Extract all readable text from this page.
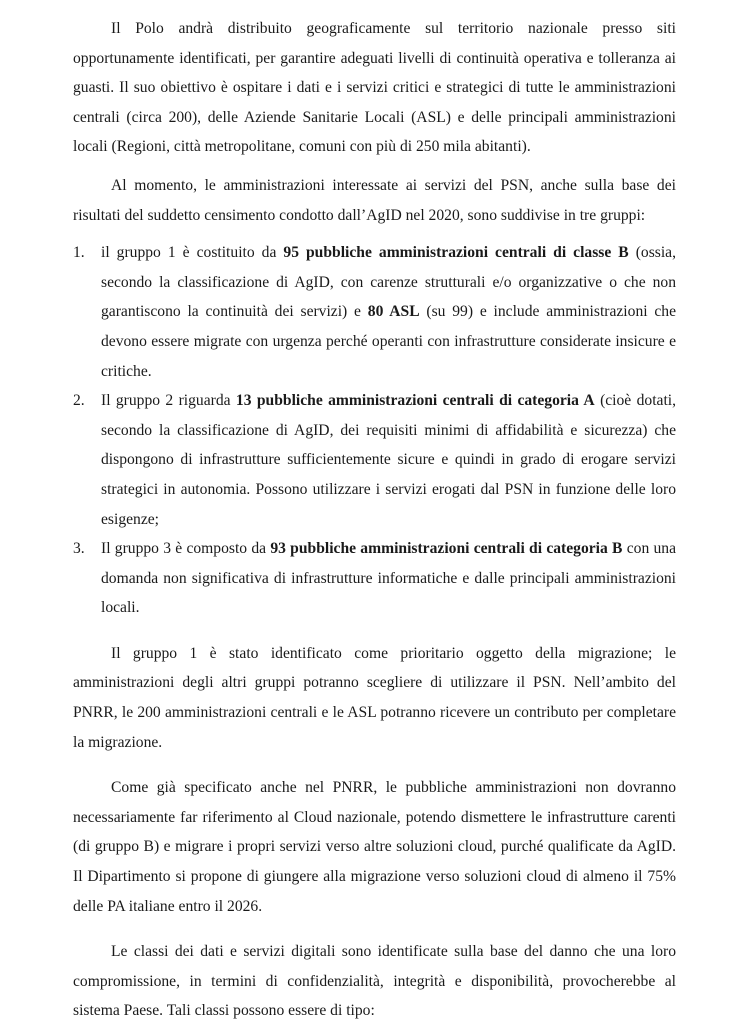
Il Polo andrà distribuito geograficamente sul territorio nazionale presso siti opportunamente identificati, per garantire adeguati livelli di continuità operativa e tolleranza ai guasti. Il suo obiettivo è ospitare i dati e i servizi critici e strategici di tutte le amministrazioni centrali (circa 200), delle Aziende Sanitarie Locali (ASL) e delle principali amministrazioni locali (Regioni, città metropolitane, comuni con più di 250 mila abitanti).

Al momento, le amministrazioni interessate ai servizi del PSN, anche sulla base dei risultati del suddetto censimento condotto dall’AgID nel 2020, sono suddivise in tre gruppi:

1. il gruppo 1 è costituito da 95 pubbliche amministrazioni centrali di classe B (ossia, secondo la classificazione di AgID, con carenze strutturali e/o organizzative o che non garantiscono la continuità dei servizi) e 80 ASL (su 99) e include amministrazioni che devono essere migrate con urgenza perché operanti con infrastrutture considerate insicure e critiche.
2. Il gruppo 2 riguarda 13 pubbliche amministrazioni centrali di categoria A (cioè dotati, secondo la classificazione di AgID, dei requisiti minimi di affidabilità e sicurezza) che dispongono di infrastrutture sufficientemente sicure e quindi in grado di erogare servizi strategici in autonomia. Possono utilizzare i servizi erogati dal PSN in funzione delle loro esigenze;
3. Il gruppo 3 è composto da 93 pubbliche amministrazioni centrali di categoria B con una domanda non significativa di infrastrutture informatiche e dalle principali amministrazioni locali.

Il gruppo 1 è stato identificato come prioritario oggetto della migrazione; le amministrazioni degli altri gruppi potranno scegliere di utilizzare il PSN. Nell’ambito del PNRR, le 200 amministrazioni centrali e le ASL potranno ricevere un contributo per completare la migrazione.

Come già specificato anche nel PNRR, le pubbliche amministrazioni non dovranno necessariamente far riferimento al Cloud nazionale, potendo dismettere le infrastrutture carenti (di gruppo B) e migrare i propri servizi verso altre soluzioni cloud, purché qualificate da AgID. Il Dipartimento si propone di giungere alla migrazione verso soluzioni cloud di almeno il 75% delle PA italiane entro il 2026.

Le classi dei dati e servizi digitali sono identificate sulla base del danno che una loro compromissione, in termini di confidenzialità, integrità e disponibilità, provocherebbe al sistema Paese. Tali classi possono essere di tipo:
